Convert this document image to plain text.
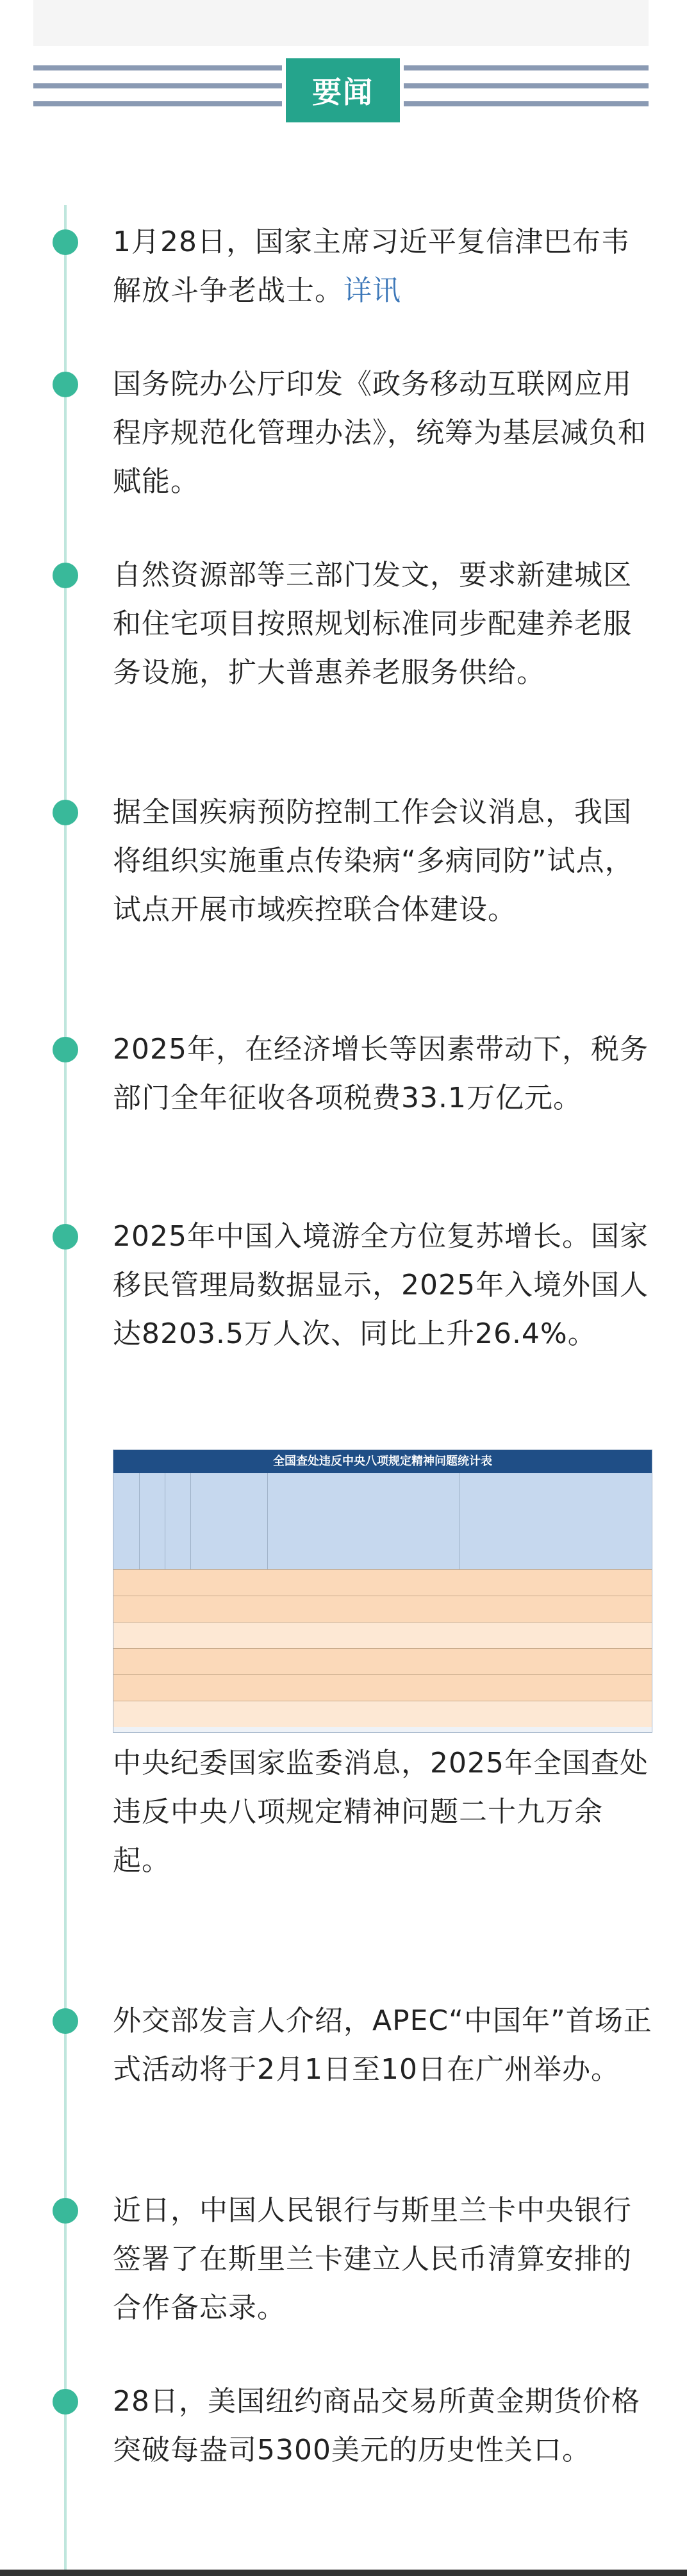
要闻
1月28日，国家主席习近平复信津巴布韦解放斗争老战士。详讯
国务院办公厅印发《政务移动互联网应用程序规范化管理办法》，统筹为基层减负和赋能。
自然资源部等三部门发文，要求新建城区和住宅项目按照规划标准同步配建养老服务设施，扩大普惠养老服务供给。
据全国疾病预防控制工作会议消息，我国将组织实施重点传染病“多病同防”试点，试点开展市域疾控联合体建设。
2025年，在经济增长等因素带动下，税务部门全年征收各项税费33.1万亿元。
2025年中国入境游全方位复苏增长。国家移民管理局数据显示，2025年入境外国人达8203.5万人次、同比上升26.4%。
全国查处违反中央八项规定精神问题统计表
中央纪委国家监委消息，2025年全国查处违反中央八项规定精神问题二十九万余起。
外交部发言人介绍，APEC“中国年”首场正式活动将于2月1日至10日在广州举办。
近日，中国人民银行与斯里兰卡中央银行签署了在斯里兰卡建立人民币清算安排的合作备忘录。
28日，美国纽约商品交易所黄金期货价格突破每盎司5300美元的历史性关口。
